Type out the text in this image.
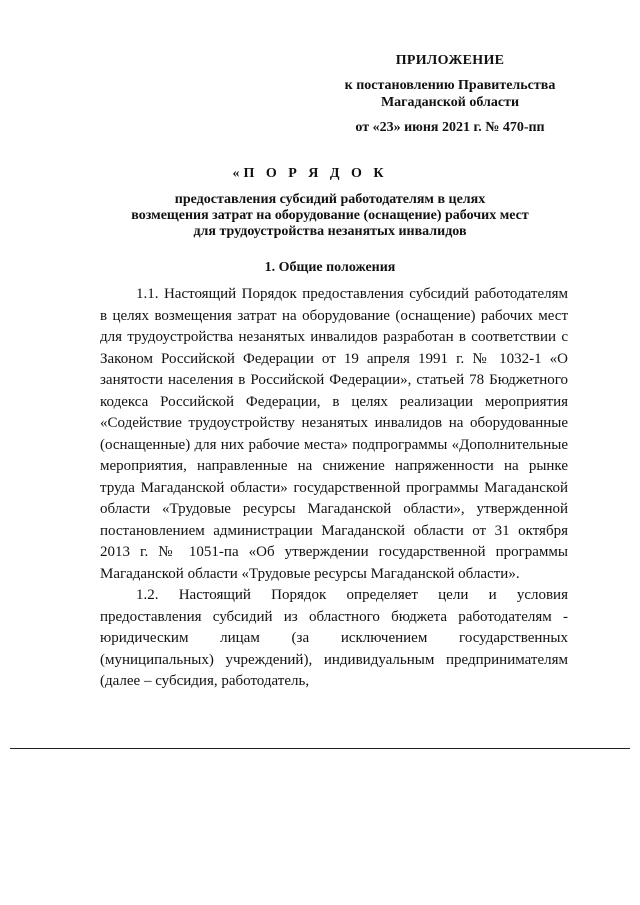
ПРИЛОЖЕНИЕ
к постановлению Правительства
Магаданской области
от «23» июня 2021 г. № 470-пп
«П О Р Я Д О К
предоставления субсидий работодателям в целях
возмещения затрат на оборудование (оснащение) рабочих мест
для трудоустройства незанятых инвалидов
1. Общие положения

1.1. Настоящий Порядок предоставления субсидий работодателям в целях возмещения затрат на оборудование (оснащение) рабочих мест для трудоустройства незанятых инвалидов разработан в соответствии с Законом Российской Федерации от 19 апреля 1991 г. № 1032-1 «О занятости населения в Российской Федерации», статьей 78 Бюджетного кодекса Российской Федерации, в целях реализации мероприятия «Содействие трудоустройству незанятых инвалидов на оборудованные (оснащенные) для них рабочие места» подпрограммы «Дополнительные мероприятия, направленные на снижение напряженности на рынке труда Магаданской области» государственной программы Магаданской области «Трудовые ресурсы Магаданской области», утвержденной постановлением администрации Магаданской области от 31 октября 2013 г. № 1051-па «Об утверждении государственной программы Магаданской области «Трудовые ресурсы Магаданской области».

1.2. Настоящий Порядок определяет цели и условия предоставления субсидий из областного бюджета работодателям - юридическим лицам (за исключением государственных (муниципальных) учреждений), индивидуальным предпринимателям (далее – субсидия, работодатель,
